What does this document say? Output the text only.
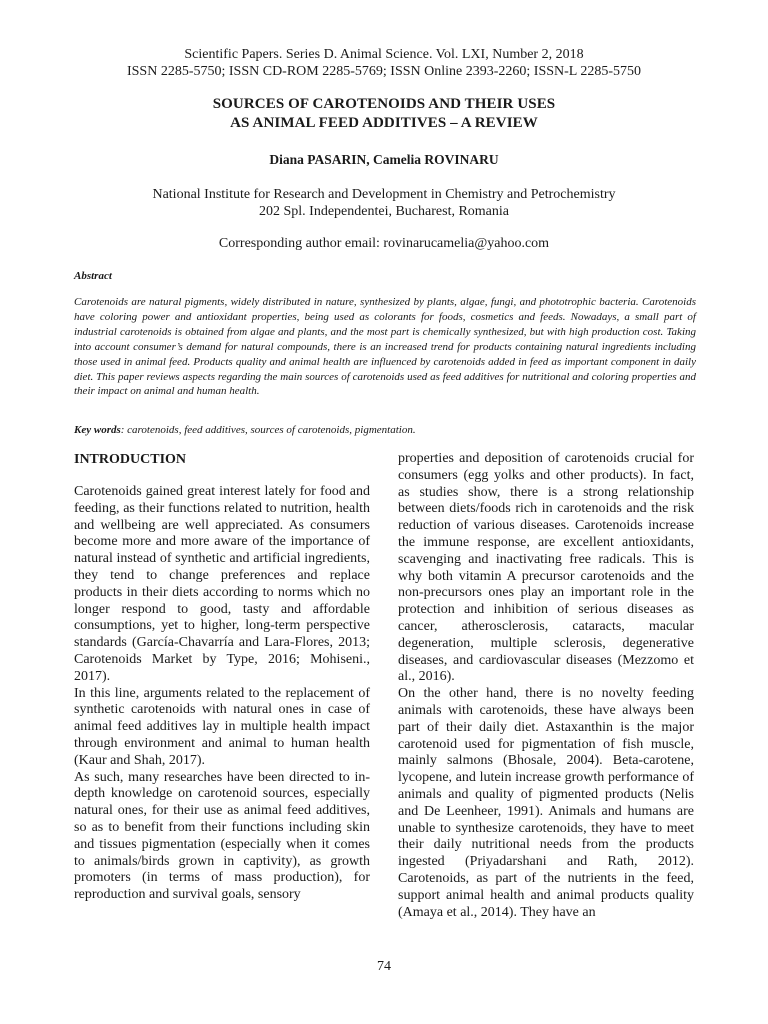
Scientific Papers. Series D. Animal Science. Vol. LXI, Number 2, 2018
ISSN 2285-5750; ISSN CD-ROM 2285-5769; ISSN Online 2393-2260; ISSN-L 2285-5750
SOURCES OF CAROTENOIDS AND THEIR USES
AS ANIMAL FEED ADDITIVES – A REVIEW
Diana PASARIN, Camelia ROVINARU
National Institute for Research and Development in Chemistry and Petrochemistry
202 Spl. Independentei, Bucharest, Romania
Corresponding author email: rovinarucamelia@yahoo.com
Abstract
Carotenoids are natural pigments, widely distributed in nature, synthesized by plants, algae, fungi, and phototrophic bacteria. Carotenoids have coloring power and antioxidant properties, being used as colorants for foods, cosmetics and feeds. Nowadays, a small part of industrial carotenoids is obtained from algae and plants, and the most part is chemically synthesized, but with high production cost. Taking into account consumer’s demand for natural compounds, there is an increased trend for products containing natural ingredients including those used in animal feed. Products quality and animal health are influenced by carotenoids added in feed as important component in daily diet. This paper reviews aspects regarding the main sources of carotenoids used as feed additives for nutritional and coloring properties and their impact on animal and human health.
Key words: carotenoids, feed additives, sources of carotenoids, pigmentation.
INTRODUCTION

Carotenoids gained great interest lately for food and feeding, as their functions related to nutrition, health and wellbeing are well appreciated. As consumers become more and more aware of the importance of natural instead of synthetic and artificial ingredients, they tend to change preferences and replace products in their diets according to norms which no longer respond to good, tasty and affordable consumptions, yet to higher, long-term perspective standards (García-Chavarría and Lara-Flores, 2013; Carotenoids Market by Type, 2016; Mohiseni., 2017).

In this line, arguments related to the replacement of synthetic carotenoids with natural ones in case of animal feed additives lay in multiple health impact through environment and animal to human health (Kaur and Shah, 2017).

As such, many researches have been directed to in-depth knowledge on carotenoid sources, especially natural ones, for their use as animal feed additives, so as to benefit from their functions including skin and tissues pigmentation (especially when it comes to animals/birds grown in captivity), as growth promoters (in terms of mass production), for reproduction and survival goals, sensory

properties and deposition of carotenoids crucial for consumers (egg yolks and other products). In fact, as studies show, there is a strong relationship between diets/foods rich in carotenoids and the risk reduction of various diseases. Carotenoids increase the immune response, are excellent antioxidants, scavenging and inactivating free radicals. This is why both vitamin A precursor carotenoids and the non-precursors ones play an important role in the protection and inhibition of serious diseases as cancer, atherosclerosis, cataracts, macular degeneration, multiple sclerosis, degenerative diseases, and cardiovascular diseases (Mezzomo et al., 2016).

On the other hand, there is no novelty feeding animals with carotenoids, these have always been part of their daily diet. Astaxanthin is the major carotenoid used for pigmentation of fish muscle, mainly salmons (Bhosale, 2004). Beta-carotene, lycopene, and lutein increase growth performance of animals and quality of pigmented products (Nelis and De Leenheer, 1991). Animals and humans are unable to synthesize carotenoids, they have to meet their daily nutritional needs from the products ingested (Priyadarshani and Rath, 2012). Carotenoids, as part of the nutrients in the feed, support animal health and animal products quality (Amaya et al., 2014). They have an

74
